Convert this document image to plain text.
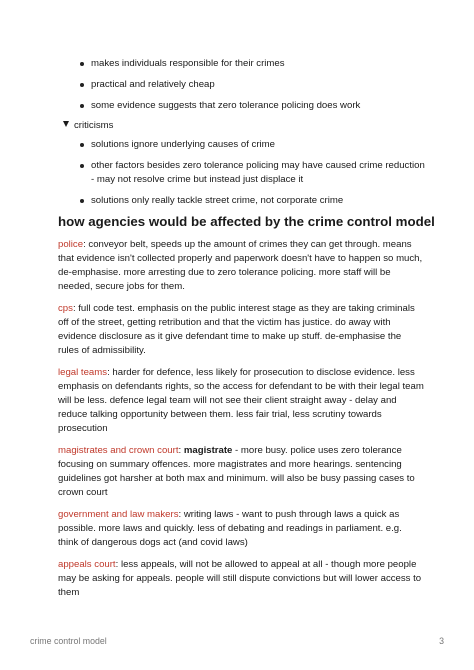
makes individuals responsible for their crimes
practical and relatively cheap
some evidence suggests that zero tolerance policing does work
criticisms
solutions ignore underlying causes of crime
other factors besides zero tolerance policing may have caused crime reduction - may not resolve crime but instead just displace it
solutions only really tackle street crime, not corporate crime
how agencies would be affected by the crime control model

police: conveyor belt, speeds up the amount of crimes they can get through. means that evidence isn't collected properly and paperwork doesn't have to happen so much, de-emphasise. more arresting due to zero tolerance policing. more staff will be needed, secure jobs for them.

cps: full code test. emphasis on the public interest stage as they are taking criminals off of the street, getting retribution and that the victim has justice. do away with evidence disclosure as it give defendant time to make up stuff. de-emphasise the rules of admissibility.

legal teams: harder for defence, less likely for prosecution to disclose evidence. less emphasis on defendants rights, so the access for defendant to be with their legal team will be less. defence legal team will not see their client straight away - delay and reduce talking opportunity between them. less fair trial, less scrutiny towards prosecution

magistrates and crown court: magistrate - more busy. police uses zero tolerance focusing on summary offences. more magistrates and more hearings. sentencing guidelines got harsher at both max and minimum. will also be busy passing cases to crown court

government and law makers: writing laws - want to push through laws a quick as possible. more laws and quickly. less of debating and readings in parliament. e.g. think of dangerous dogs act (and covid laws)

appeals court: less appeals, will not be allowed to appeal at all - though more people may be asking for appeals. people will still dispute convictions but will lower access to them

crime control model	3
